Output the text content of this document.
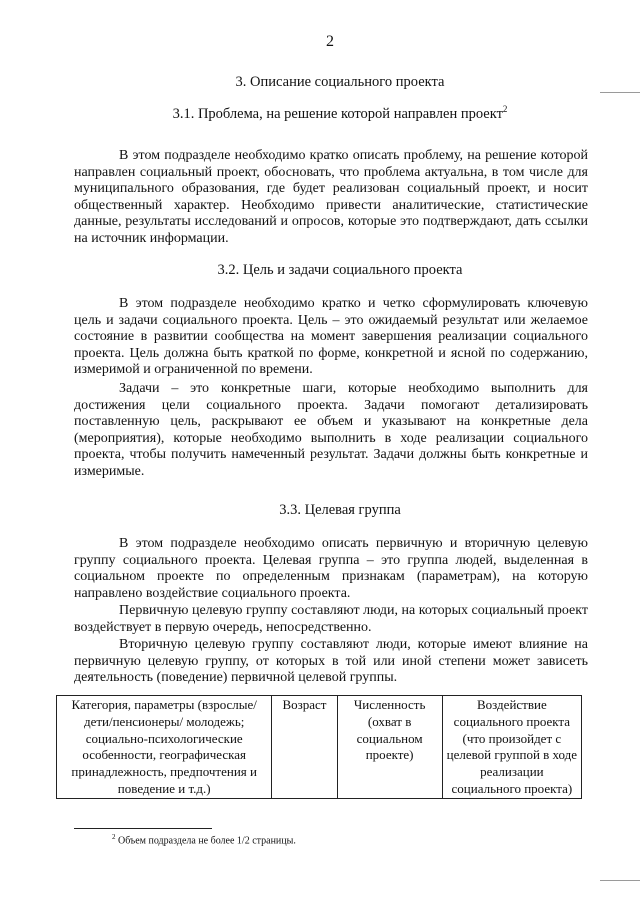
2
3. Описание социального проекта
3.1. Проблема, на решение которой направлен проект$^2$

В этом подразделе необходимо кратко описать проблему, на решение которой направлен социальный проект, обосновать, что проблема актуальна, в том числе для муниципального образования, где будет реализован социальный проект, и носит общественный характер. Необходимо привести аналитические, статистические данные, результаты исследований и опросов, которые это подтверждают, дать ссылки на источник информации.

3.2. Цель и задачи социального проекта

В этом подразделе необходимо кратко и четко сформулировать ключевую цель и задачи социального проекта. Цель – это ожидаемый результат или желаемое состояние в развитии сообщества на момент завершения реализации социального проекта. Цель должна быть краткой по форме, конкретной и ясной по содержанию, измеримой и ограниченной по времени.

Задачи – это конкретные шаги, которые необходимо выполнить для достижения цели социального проекта. Задачи помогают детализировать поставленную цель, раскрывают ее объем и указывают на конкретные дела (мероприятия), которые необходимо выполнить в ходе реализации социального проекта, чтобы получить намеченный результат. Задачи должны быть конкретные и измеримые.

3.3. Целевая группа

В этом подразделе необходимо описать первичную и вторичную целевую группу социального проекта. Целевая группа – это группа людей, выделенная в социальном проекте по определенным признакам (параметрам), на которую направлено воздействие социального проекта.

Первичную целевую группу составляют люди, на которых социальный проект воздействует в первую очередь, непосредственно.

Вторичную целевую группу составляют люди, которые имеют влияние на первичную целевую группу, от которых в той или иной степени может зависеть деятельность (поведение) первичной целевой группы.

Категория, параметры (взрослые/дети/пенсионеры/ молодежь; социально-психологические особенности, географическая принадлежность, предпочтения и поведение и т.д.)	Возраст	Численность (охват в социальном проекте)	Воздействие социального проекта (что произойдет с целевой группой в ходе реализации социального проекта)
$^2$ Объем подраздела не более 1/2 страницы.
